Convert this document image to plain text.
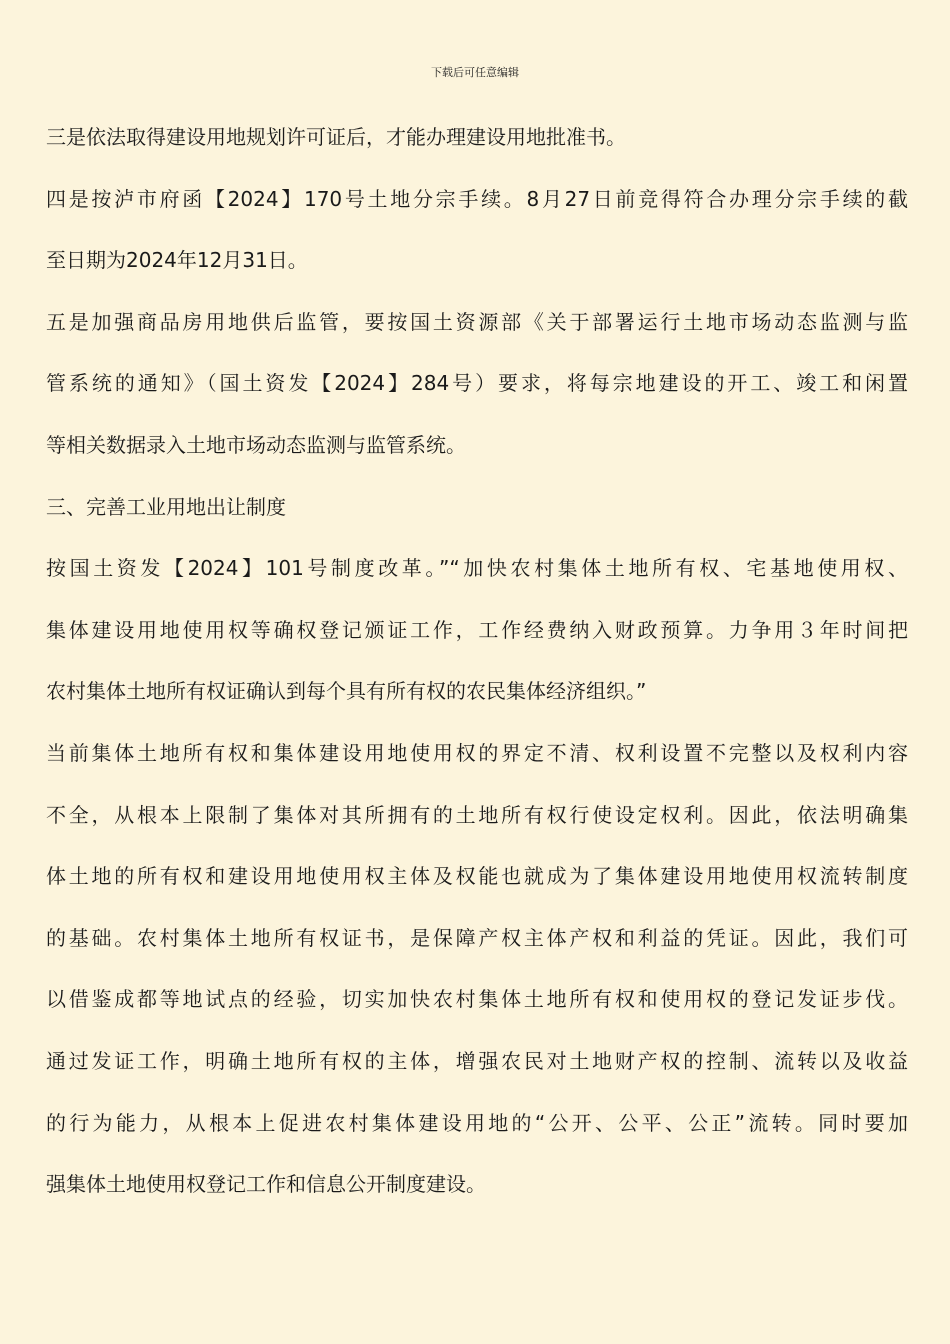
下载后可任意编辑
三是依法取得建设用地规划许可证后，才能办理建设用地批准书。
四是按泸市府函【2024】170号土地分宗手续。8月27日前竞得符合办理分宗手续的截
至日期为2024年12月31日。
五是加强商品房用地供后监管，要按国土资源部《关于部署运行土地市场动态监测与监
管系统的通知》（国土资发【2024】284号）要求，将每宗地建设的开工、竣工和闲置
等相关数据录入土地市场动态监测与监管系统。
三、完善工业用地出让制度
按国土资发【2024】101号制度改革。”“加快农村集体土地所有权、宅基地使用权、
集体建设用地使用权等确权登记颁证工作，工作经费纳入财政预算。力争用３年时间把
农村集体土地所有权证确认到每个具有所有权的农民集体经济组织。”
当前集体土地所有权和集体建设用地使用权的界定不清、权利设置不完整以及权利内容
不全，从根本上限制了集体对其所拥有的土地所有权行使设定权利。因此，依法明确集
体土地的所有权和建设用地使用权主体及权能也就成为了集体建设用地使用权流转制度
的基础。农村集体土地所有权证书，是保障产权主体产权和利益的凭证。因此，我们可
以借鉴成都等地试点的经验，切实加快农村集体土地所有权和使用权的登记发证步伐。
通过发证工作，明确土地所有权的主体，增强农民对土地财产权的控制、流转以及收益
的行为能力，从根本上促进农村集体建设用地的“公开、公平、公正”流转。同时要加
强集体土地使用权登记工作和信息公开制度建设。
